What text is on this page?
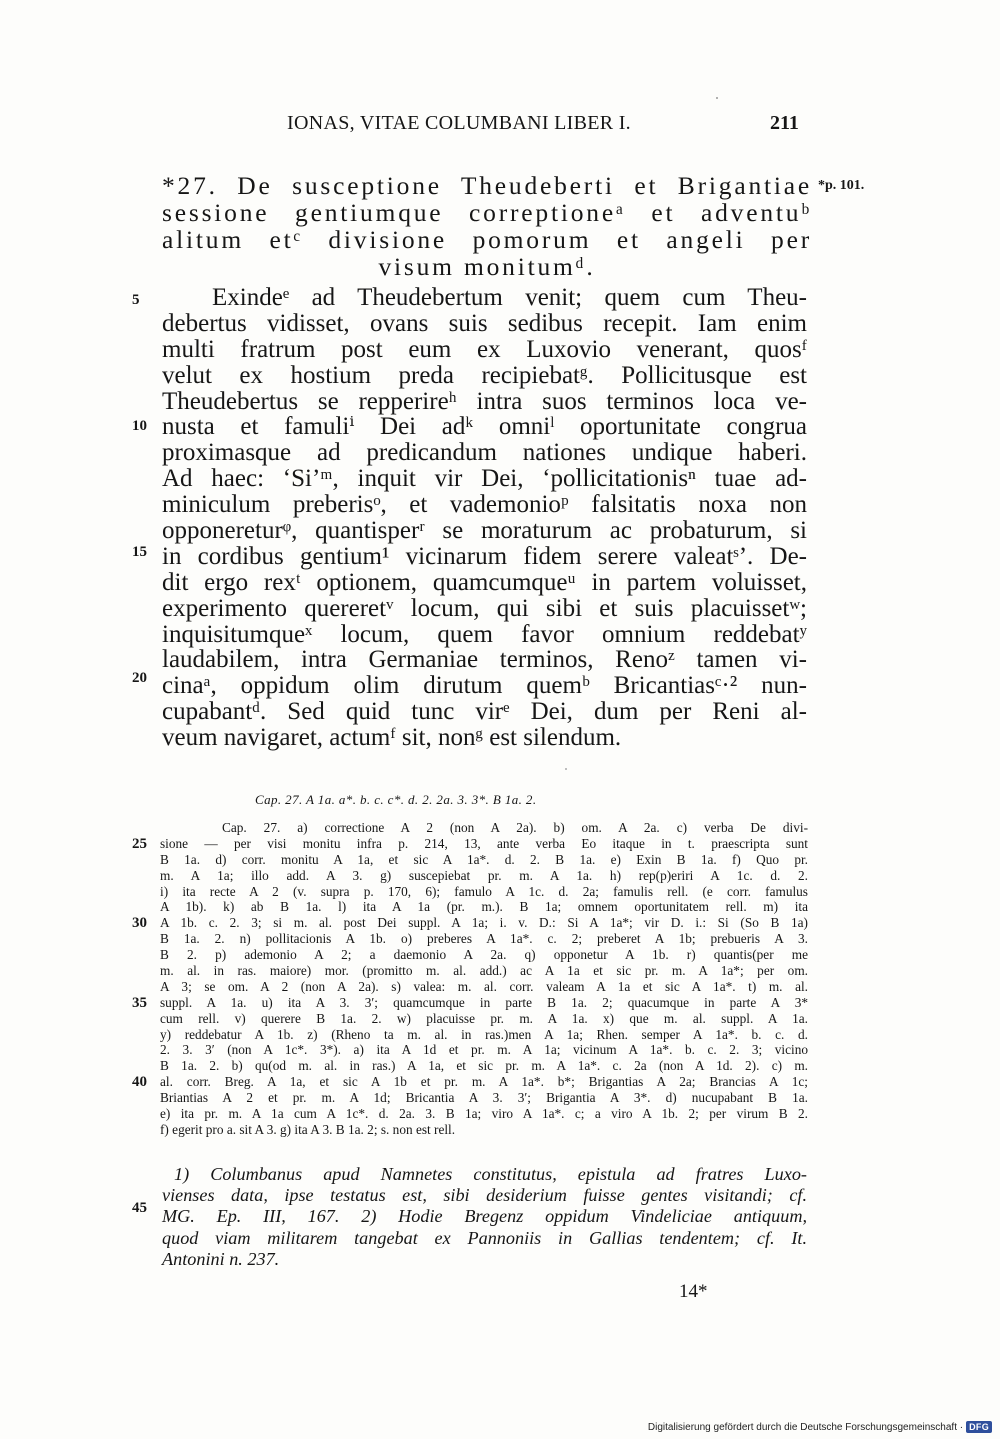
IONAS, VITAE COLUMBANI LIBER I.	211
*27. De susceptione Theudeberti et Brigantiae
sessione gentiumque correptioneᵃ et adventuᵇ
alitum etᶜ divisione pomorum et angeli per
visum monitumᵈ.
*p. 101.
5
10
15
20
25
30
35
40
45
Exindeᵉ ad Theudebertum venit; quem cum Theu-
debertus vidisset, ovans suis sedibus recepit. Iam enim
multi fratrum post eum ex Luxovio venerant, quosᶠ
velut ex hostium preda recipiebatᵍ. Pollicitusque est
Theudebertus se repperireʰ intra suos terminos loca ve-
nusta et famuliⁱ Dei adᵏ omniˡ oportunitate congrua
proximasque ad predicandum nationes undique haberi.
Ad haec: ‘Si’ᵐ, inquit vir Dei, ‘pollicitationisⁿ tuae ad-
miniculum preberisᵒ, et vademonioᵖ falsitatis noxa non
opponereturᵠ, quantisperʳ se moraturum ac probaturum, si
in cordibus gentium¹ vicinarum fidem serere valeatˢ’. De-
dit ergo rexᵗ optionem, quamcumqueᵘ in partem voluisset,
experimento quereretᵛ locum, qui sibi et suis placuissetʷ;
inquisitumqueˣ locum, quem favor omnium reddebatʸ
laudabilem, intra Germaniae terminos, Renoᶻ tamen vi-
cinaᵃ, oppidum olim dirutum quemᵇ Bricantiasᶜ·² nun-
cupabantᵈ. Sed quid tunc virᵉ Dei, dum per Reni al-
veum navigaret, actumᶠ sit, nonᵍ est silendum.
Cap. 27. A 1a. a*. b. c. c*. d. 2. 2a. 3. 3*. B 1a. 2.
Cap. 27. a) correctione A 2 (non A 2a). b) om. A 2a. c) verba De divi-
sione — per visi monitu infra p. 214, 13, ante verba Eo itaque in t. praescripta sunt
B 1a. d) corr. monitu A 1a, et sic A 1a*. d. 2. B 1a. e) Exin B 1a. f) Quo pr.
m. A 1a; illo add. A 3. g) suscepiebat pr. m. A 1a. h) rep(p)eriri A 1c. d. 2.
i) ita recte A 2 (v. supra p. 170, 6); famulo A 1c. d. 2a; famulis rell. (e corr. famulus
A 1b). k) ab B 1a. l) ita A 1a (pr. m.). B 1a; omnem oportunitatem rell. m) ita
A 1b. c. 2. 3; si m. al. post Dei suppl. A 1a; i. v. D.: Si A 1a*; vir D. i.: Si (So B 1a)
B 1a. 2. n) pollitacionis A 1b. o) preberes A 1a*. c. 2; preberet A 1b; prebueris A 3.
B 2. p) ademonio A 2; a daemonio A 2a. q) opponetur A 1b. r) quantis(per me
m. al. in ras. maiore) mor. (promitto m. al. add.) ac A 1a et sic pr. m. A 1a*; per om.
A 3; se om. A 2 (non A 2a). s) valea: m. al. corr. valeam A 1a et sic A 1a*. t) m. al.
suppl. A 1a. u) ita A 3. 3′; quamcumque in parte B 1a. 2; quacumque in parte A 3*
cum rell. v) querere B 1a. 2. w) placuisse pr. m. A 1a. x) que m. al. suppl. A 1a.
y) reddebatur A 1b. z) (Rheno ta m. al. in ras.)men A 1a; Rhen. semper A 1a*. b. c. d.
2. 3. 3′ (non A 1c*. 3*). a) ita A 1d et pr. m. A 1a; vicinum A 1a*. b. c. 2. 3; vicino
B 1a. 2. b) qu(od m. al. in ras.) A 1a, et sic pr. m. A 1a*. c. 2a (non A 1d. 2). c) m.
al. corr. Breg. A 1a, et sic A 1b et pr. m. A 1a*. b*; Brigantias A 2a; Brancias A 1c;
Briantias A 2 et pr. m. A 1d; Bricantia A 3. 3′; Brigantia A 3*. d) nucupabant B 1a.
e) ita pr. m. A 1a cum A 1c*. d. 2a. 3. B 1a; viro A 1a*. c; a viro A 1b. 2; per virum B 2.
f) egerit pro a. sit A 3. g) ita A 3. B 1a. 2; s. non est rell.
1) Columbanus apud Namnetes constitutus, epistula ad fratres Luxo-
vienses data, ipse testatus est, sibi desiderium fuisse gentes visitandi; cf.
MG. Ep. III, 167. 2) Hodie Bregenz oppidum Vindeliciae antiquum,
quod viam militarem tangebat ex Pannoniis in Gallias tendentem; cf. It.
Antonini n. 237.
14*
Digitalisierung gefördert durch die Deutsche Forschungsgemeinschaft · DFG
